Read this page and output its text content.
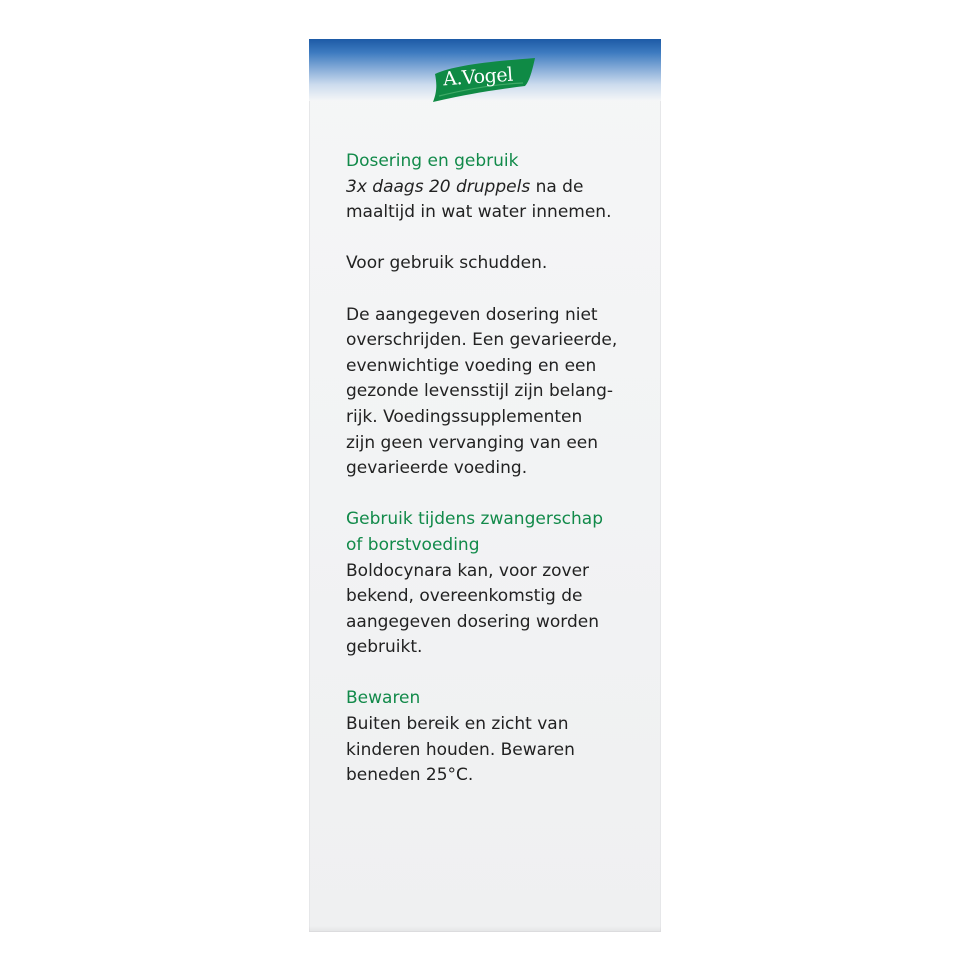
A.Vogel

Dosering en gebruik

3x daags 20 druppels na de

maaltijd in wat water innemen.

Voor gebruik schudden.

De aangegeven dosering niet

overschrijden. Een gevarieerde,

evenwichtige voeding en een

gezonde levensstijl zijn belang-

rijk. Voedingssupplementen

zijn geen vervanging van een

gevarieerde voeding.

Gebruik tijdens zwangerschap

of borstvoeding

Boldocynara kan, voor zover

bekend, overeenkomstig de

aangegeven dosering worden

gebruikt.

Bewaren

Buiten bereik en zicht van

kinderen houden. Bewaren

beneden 25°C.
